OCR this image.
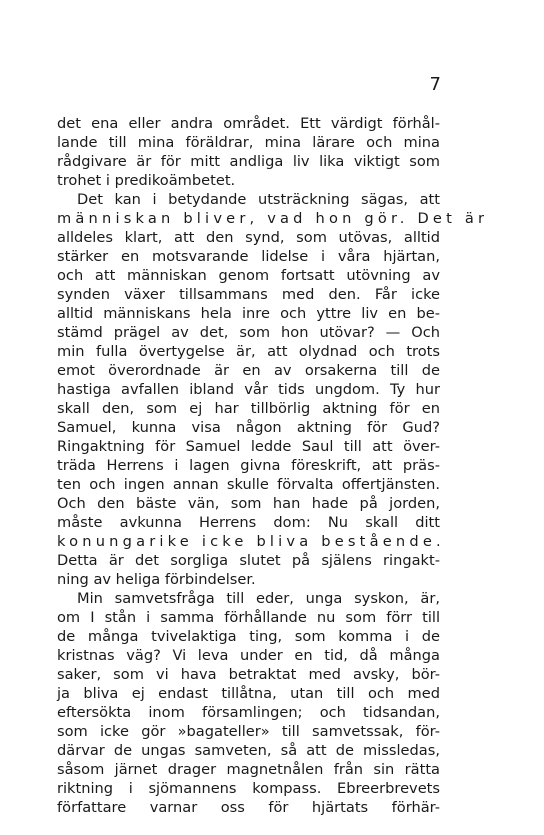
7
det ena eller andra området. Ett värdigt förhål-
lande till mina föräldrar, mina lärare och mina
rådgivare är för mitt andliga liv lika viktigt som
trohet i predikoämbetet.
Det kan i betydande utsträckning sägas, att
människan bliver, vad hon gör. Det är
alldeles klart, att den synd, som utövas, alltid
stärker en motsvarande lidelse i våra hjärtan,
och att människan genom fortsatt utövning av
synden växer tillsammans med den. Får icke
alltid människans hela inre och yttre liv en be-
stämd prägel av det, som hon utövar? — Och
min fulla övertygelse är, att olydnad och trots
emot överordnade är en av orsakerna till de
hastiga avfallen ibland vår tids ungdom. Ty hur
skall den, som ej har tillbörlig aktning för en
Samuel, kunna visa någon aktning för Gud?
Ringaktning för Samuel ledde Saul till att över-
träda Herrens i lagen givna föreskrift, att präs-
ten och ingen annan skulle förvalta offertjänsten.
Och den bäste vän, som han hade på jorden,
måste avkunna Herrens dom: Nu skall ditt
konungarike icke bliva bestående.
Detta är det sorgliga slutet på själens ringakt-
ning av heliga förbindelser.
Min samvetsfråga till eder, unga syskon, är,
om I stån i samma förhållande nu som förr till
de många tvivelaktiga ting, som komma i de
kristnas väg? Vi leva under en tid, då många
saker, som vi hava betraktat med avsky, bör-
ja bliva ej endast tillåtna, utan till och med
eftersökta inom församlingen; och tidsandan,
som icke gör »bagateller» till samvetssak, för-
därvar de ungas samveten, så att de missledas,
såsom järnet drager magnetnålen från sin rätta
riktning i sjömannens kompass. Ebreerbrevets
författare varnar oss för hjärtats förhär-
